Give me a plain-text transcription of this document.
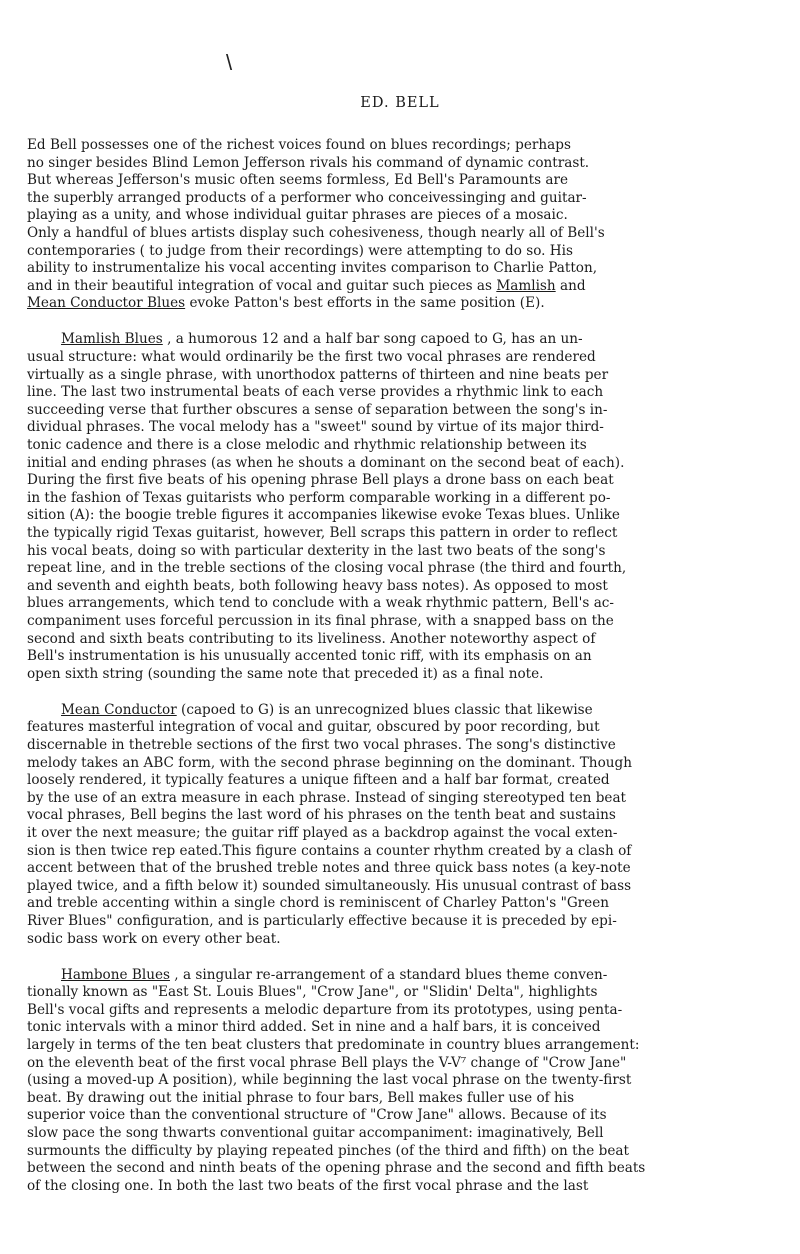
\
ED. BELL

Ed Bell possesses one of the richest voices found on blues recordings; perhaps
no singer besides Blind Lemon Jefferson rivals his command of dynamic contrast.
But whereas Jefferson's music often seems formless, Ed Bell's Paramounts are
the superbly arranged products of a performer who conceivessinging and guitar-
playing as a unity, and whose individual guitar phrases are pieces of a mosaic.
Only a handful of blues artists display such cohesiveness, though nearly all of Bell's
contemporaries ( to judge from their recordings) were attempting to do so. His
ability to instrumentalize his vocal accenting invites comparison to Charlie Patton,
and in their beautiful integration of vocal and guitar such pieces as Mamlish and
Mean Conductor Blues evoke Patton's best efforts in the same position (E).

Mamlish Blues , a humorous 12 and a half bar song capoed to G, has an un-
usual structure: what would ordinarily be the first two vocal phrases are rendered
virtually as a single phrase, with unorthodox patterns of thirteen and nine beats per
line. The last two instrumental beats of each verse provides a rhythmic link to each
succeeding verse that further obscures a sense of separation between the song's in-
dividual phrases. The vocal melody has a "sweet" sound by virtue of its major third-
tonic cadence and there is a close melodic and rhythmic relationship between its
initial and ending phrases (as when he shouts a dominant on the second beat of each).
During the first five beats of his opening phrase Bell plays a drone bass on each beat
in the fashion of Texas guitarists who perform comparable working in a different po-
sition (A): the boogie treble figures it accompanies likewise evoke Texas blues. Unlike
the typically rigid Texas guitarist, however, Bell scraps this pattern in order to reflect
his vocal beats, doing so with particular dexterity in the last two beats of the song's
repeat line, and in the treble sections of the closing vocal phrase (the third and fourth,
and seventh and eighth beats, both following heavy bass notes). As opposed to most
blues arrangements, which tend to conclude with a weak rhythmic pattern, Bell's ac-
companiment uses forceful percussion in its final phrase, with a snapped bass on the
second and sixth beats contributing to its liveliness. Another noteworthy aspect of
Bell's instrumentation is his unusually accented tonic riff, with its emphasis on an
open sixth string (sounding the same note that preceded it) as a final note.

Mean Conductor (capoed to G) is an unrecognized blues classic that likewise
features masterful integration of vocal and guitar, obscured by poor recording, but
discernable in thetreble sections of the first two vocal phrases. The song's distinctive
melody takes an ABC form, with the second phrase beginning on the dominant. Though
loosely rendered, it typically features a unique fifteen and a half bar format, created
by the use of an extra measure in each phrase. Instead of singing stereotyped ten beat
vocal phrases, Bell begins the last word of his phrases on the tenth beat and sustains
it over the next measure; the guitar riff played as a backdrop against the vocal exten-
sion is then twice rep eated.This figure contains a counter rhythm created by a clash of
accent between that of the brushed treble notes and three quick bass notes (a key-note
played twice, and a fifth below it) sounded simultaneously. His unusual contrast of bass
and treble accenting within a single chord is reminiscent of Charley Patton's "Green
River Blues" configuration, and is particularly effective because it is preceded by epi-
sodic bass work on every other beat.

Hambone Blues , a singular re-arrangement of a standard blues theme conven-
tionally known as "East St. Louis Blues", "Crow Jane", or "Slidin' Delta", highlights
Bell's vocal gifts and represents a melodic departure from its prototypes, using penta-
tonic intervals with a minor third added. Set in nine and a half bars, it is conceived
largely in terms of the ten beat clusters that predominate in country blues arrangement:
on the eleventh beat of the first vocal phrase Bell plays the V-V⁷ change of "Crow Jane"
(using a moved-up A position), while beginning the last vocal phrase on the twenty-first
beat. By drawing out the initial phrase to four bars, Bell makes fuller use of his
superior voice than the conventional structure of "Crow Jane" allows. Because of its
slow pace the song thwarts conventional guitar accompaniment: imaginatively, Bell
surmounts the difficulty by playing repeated pinches (of the third and fifth) on the beat
between the second and ninth beats of the opening phrase and the second and fifth beats
of the closing one. In both the last two beats of the first vocal phrase and the last
